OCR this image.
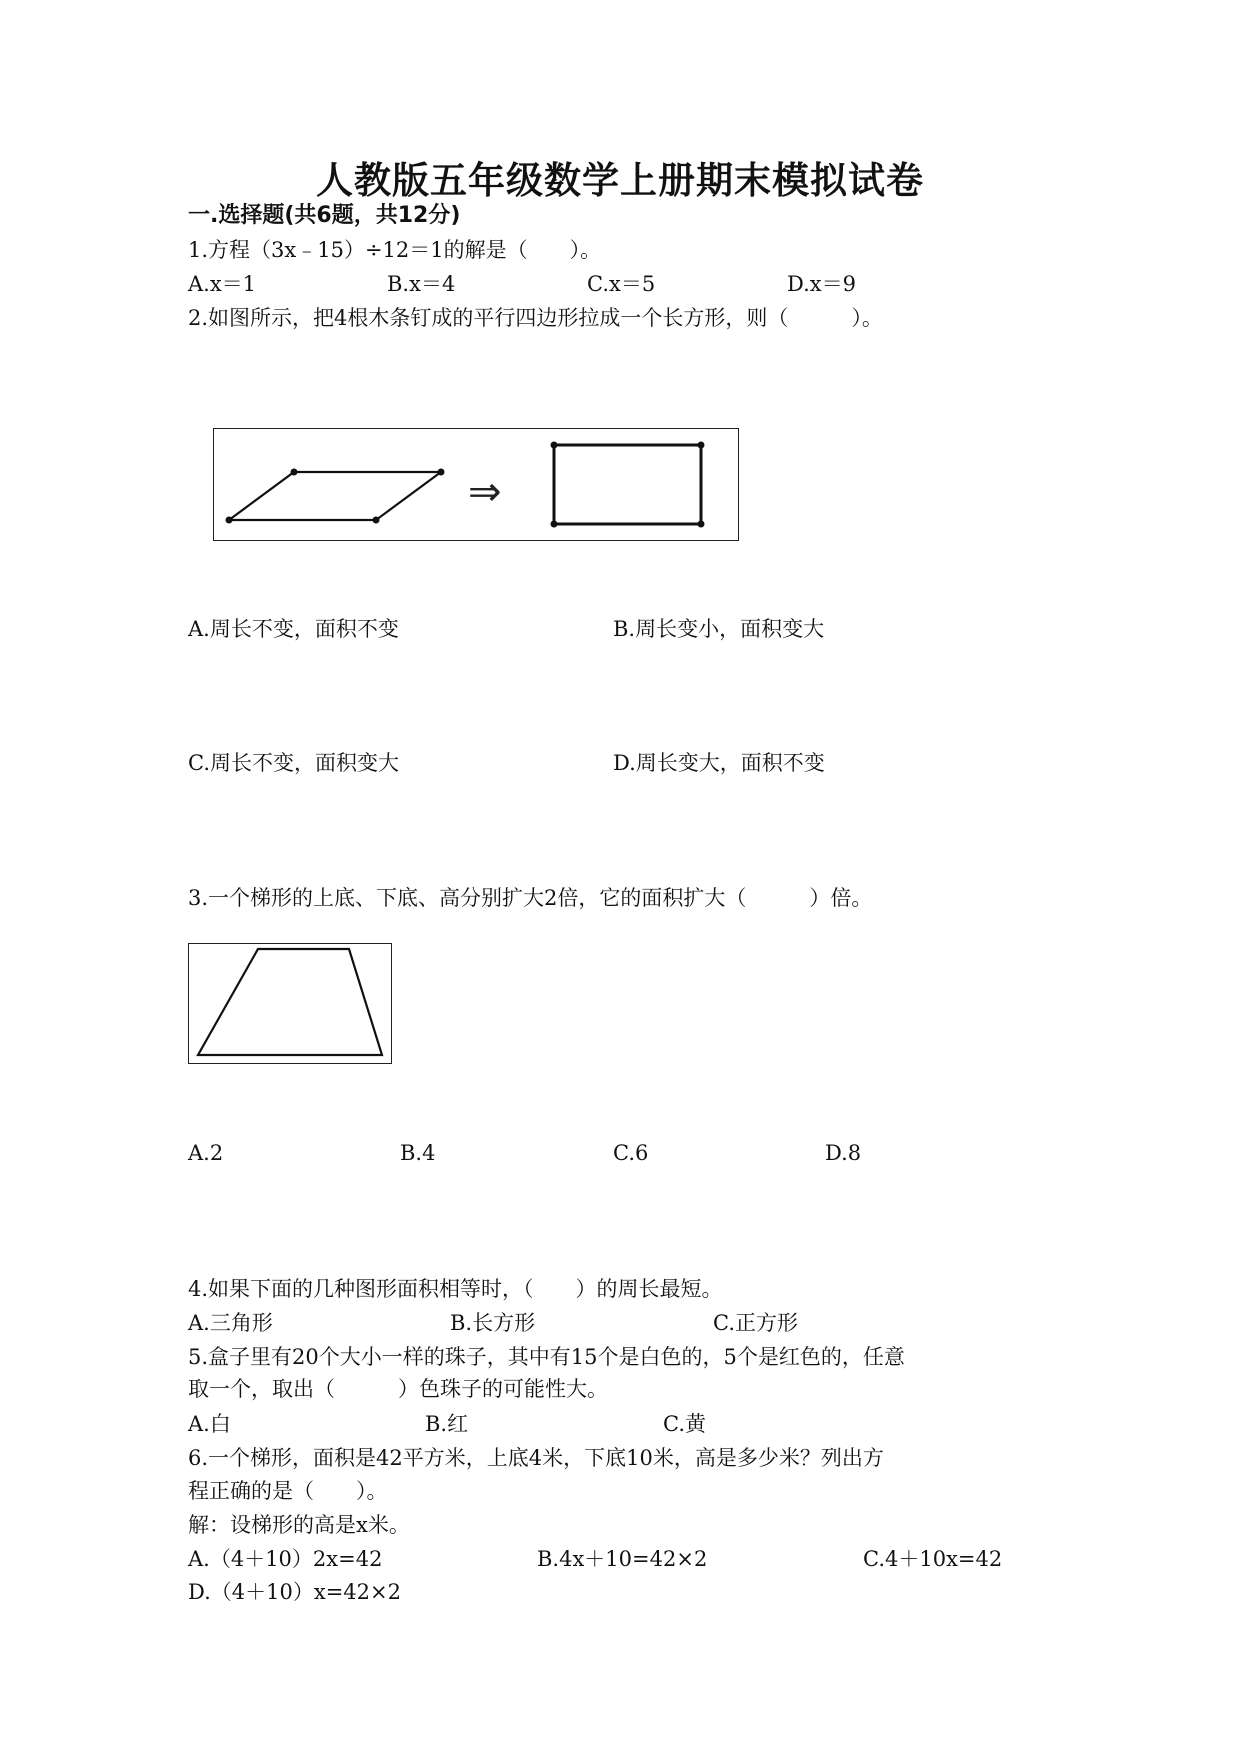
人教版五年级数学上册期末模拟试卷
一.选择题(共6题，共12分)
1.方程（3x﹣15）÷12＝1的解是（　　）。
A.x＝1	B.x＝4	C.x＝5	D.x＝9
2.如图所示，把4根木条钉成的平行四边形拉成一个长方形，则（　　　）。
⇒
A.周长不变，面积不变	B.周长变小，面积变大
C.周长不变，面积变大	D.周长变大，面积不变
3.一个梯形的上底、下底、高分别扩大2倍，它的面积扩大（　　　）倍。
A.2	B.4	C.6	D.8
4.如果下面的几种图形面积相等时，（　　）的周长最短。
A.三角形	B.长方形	C.正方形
5.盒子里有20个大小一样的珠子，其中有15个是白色的，5个是红色的，任意
取一个，取出（　　　）色珠子的可能性大。
A.白	B.红	C.黄
6.一个梯形，面积是42平方米，上底4米，下底10米，高是多少米？列出方
程正确的是（　　）。
解：设梯形的高是x米。
A.（4＋10）2x=42	B.4x＋10=42×2	C.4＋10x=42
D.（4＋10）x=42×2
